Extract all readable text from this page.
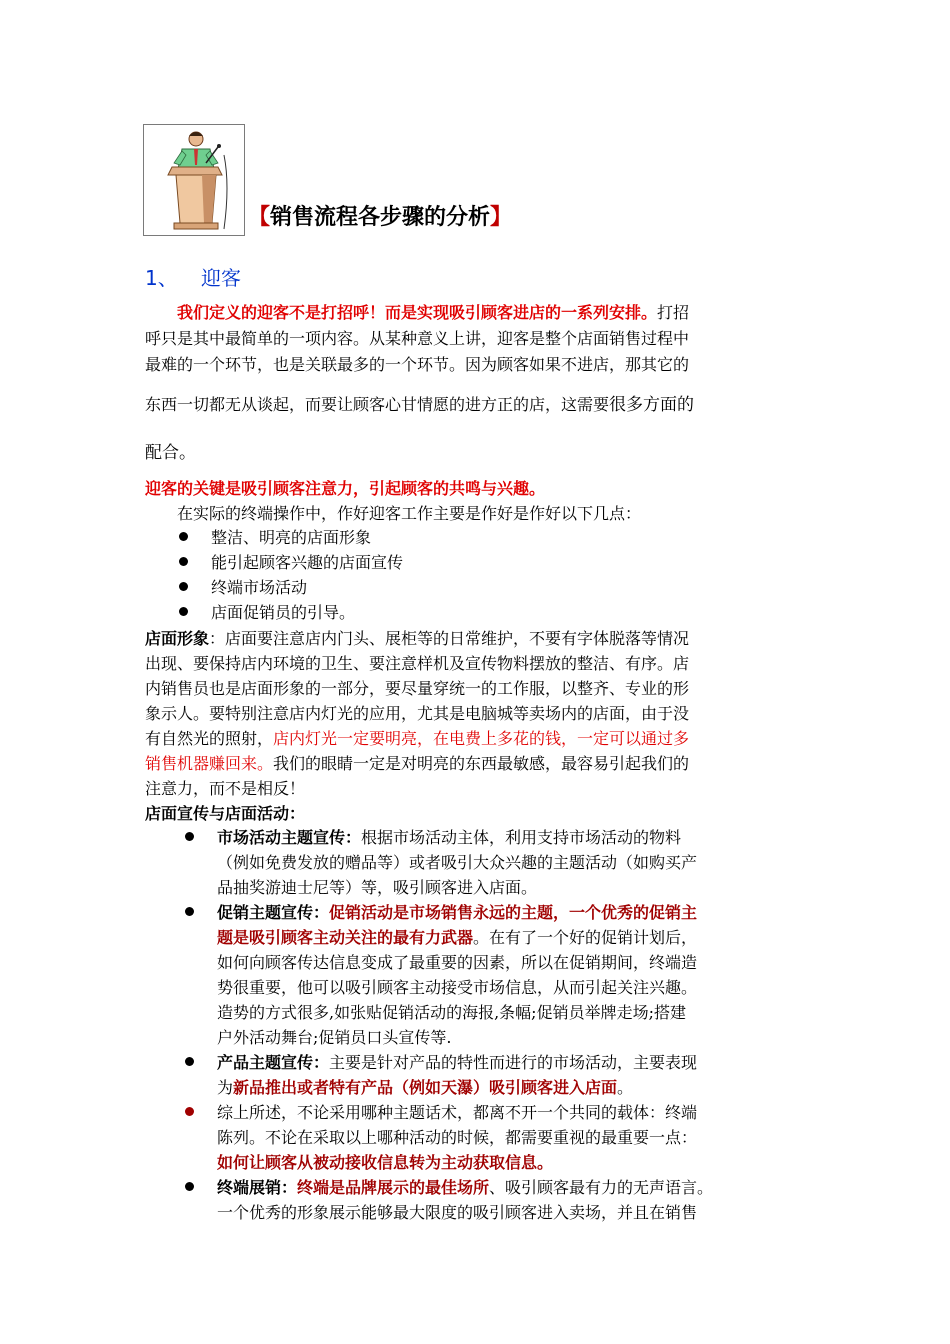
【销售流程各步骤的分析】
1、 迎客
我们定义的迎客不是打招呼！而是实现吸引顾客进店的一系列安排。打招
呼只是其中最简单的一项内容。从某种意义上讲，迎客是整个店面销售过程中
最难的一个环节，也是关联最多的一个环节。因为顾客如果不进店，那其它的
东西一切都无从谈起，而要让顾客心甘情愿的进方正的店，这需要很多方面的
配合。
迎客的关键是吸引顾客注意力，引起顾客的共鸣与兴趣。
在实际的终端操作中，作好迎客工作主要是作好是作好以下几点：
整洁、明亮的店面形象
能引起顾客兴趣的店面宣传
终端市场活动
店面促销员的引导。
店面形象：店面要注意店内门头、展柜等的日常维护，不要有字体脱落等情况
出现、要保持店内环境的卫生、要注意样机及宣传物料摆放的整洁、有序。店
内销售员也是店面形象的一部分，要尽量穿统一的工作服，以整齐、专业的形
象示人。要特别注意店内灯光的应用，尤其是电脑城等卖场内的店面，由于没
有自然光的照射，店内灯光一定要明亮，在电费上多花的钱，一定可以通过多
销售机器赚回来。我们的眼睛一定是对明亮的东西最敏感，最容易引起我们的
注意力，而不是相反！
店面宣传与店面活动：
市场活动主题宣传：根据市场活动主体，利用支持市场活动的物料
（例如免费发放的赠品等）或者吸引大众兴趣的主题活动（如购买产
品抽奖游迪士尼等）等，吸引顾客进入店面。
促销主题宣传：促销活动是市场销售永远的主题，一个优秀的促销主
题是吸引顾客主动关注的最有力武器。在有了一个好的促销计划后，
如何向顾客传达信息变成了最重要的因素，所以在促销期间，终端造
势很重要，他可以吸引顾客主动接受市场信息，从而引起关注兴趣。
造势的方式很多,如张贴促销活动的海报,条幅;促销员举牌走场;搭建
户外活动舞台;促销员口头宣传等.
产品主题宣传：主要是针对产品的特性而进行的市场活动，主要表现
为新品推出或者特有产品（例如天瀑）吸引顾客进入店面。
综上所述，不论采用哪种主题话术，都离不开一个共同的载体：终端
陈列。不论在采取以上哪种活动的时候，都需要重视的最重要一点：
如何让顾客从被动接收信息转为主动获取信息。
终端展销：终端是品牌展示的最佳场所、吸引顾客最有力的无声语言。
一个优秀的形象展示能够最大限度的吸引顾客进入卖场，并且在销售
